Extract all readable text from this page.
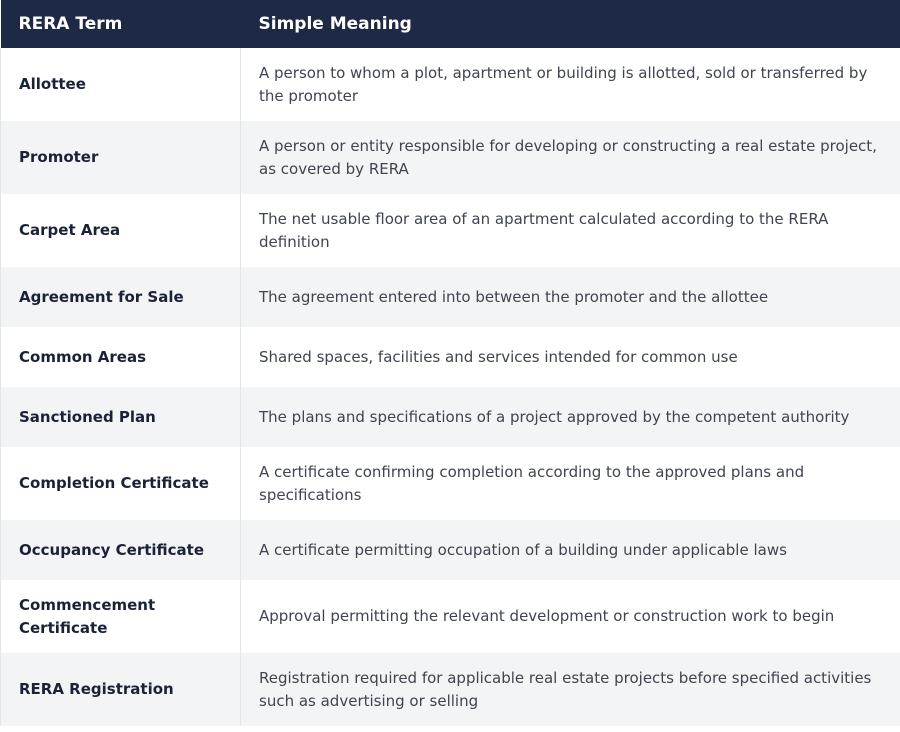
RERA Term	Simple Meaning
Allottee	A person to whom a plot, apartment or building is allotted, sold or transferred by the promoter
Promoter	A person or entity responsible for developing or constructing a real estate project, as covered by RERA
Carpet Area	The net usable floor area of an apartment calculated according to the RERA definition
Agreement for Sale	The agreement entered into between the promoter and the allottee
Common Areas	Shared spaces, facilities and services intended for common use
Sanctioned Plan	The plans and specifications of a project approved by the competent authority
Completion Certificate	A certificate confirming completion according to the approved plans and specifications
Occupancy Certificate	A certificate permitting occupation of a building under applicable laws
Commencement Certificate	Approval permitting the relevant development or construction work to begin
RERA Registration	Registration required for applicable real estate projects before specified activities such as advertising or selling
